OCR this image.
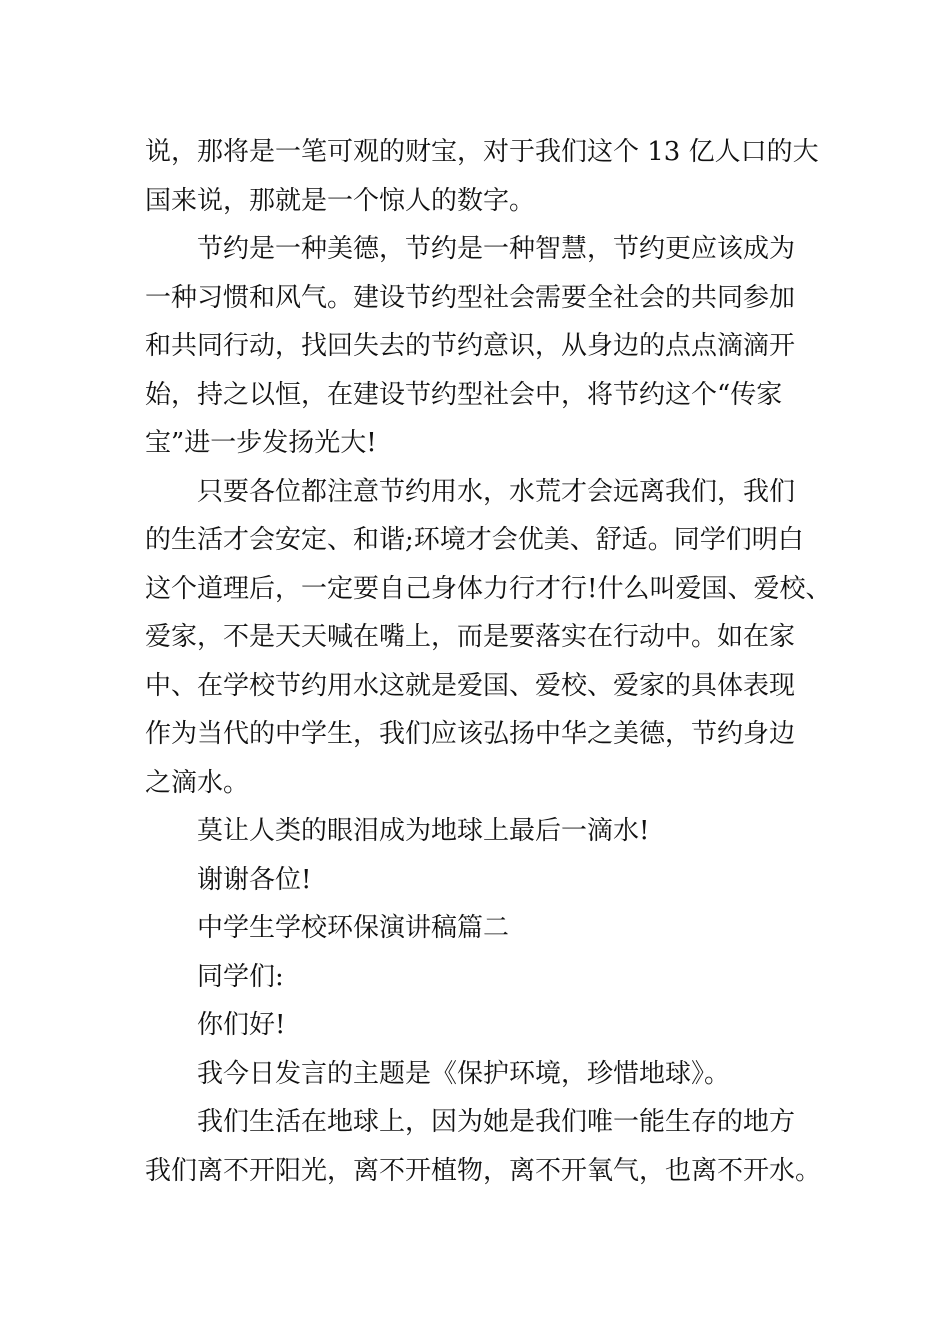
说，那将是一笔可观的财宝，对于我们这个 13 亿人口的大
国来说，那就是一个惊人的数字。

节约是一种美德，节约是一种智慧，节约更应该成为
一种习惯和风气。建设节约型社会需要全社会的共同参加
和共同行动，找回失去的节约意识，从身边的点点滴滴开
始，持之以恒，在建设节约型社会中，将节约这个“传家
宝”进一步发扬光大!

只要各位都注意节约用水，水荒才会远离我们，我们
的生活才会安定、和谐;环境才会优美、舒适。同学们明白
这个道理后，一定要自己身体力行才行!什么叫爱国、爱校、
爱家，不是天天喊在嘴上，而是要落实在行动中。如在家
中、在学校节约用水这就是爱国、爱校、爱家的具体表现
作为当代的中学生，我们应该弘扬中华之美德，节约身边
之滴水。

莫让人类的眼泪成为地球上最后一滴水!

谢谢各位!

中学生学校环保演讲稿篇二

同学们:

你们好!

我今日发言的主题是《保护环境，珍惜地球》。

我们生活在地球上，因为她是我们唯一能生存的地方
我们离不开阳光，离不开植物，离不开氧气，也离不开水。
